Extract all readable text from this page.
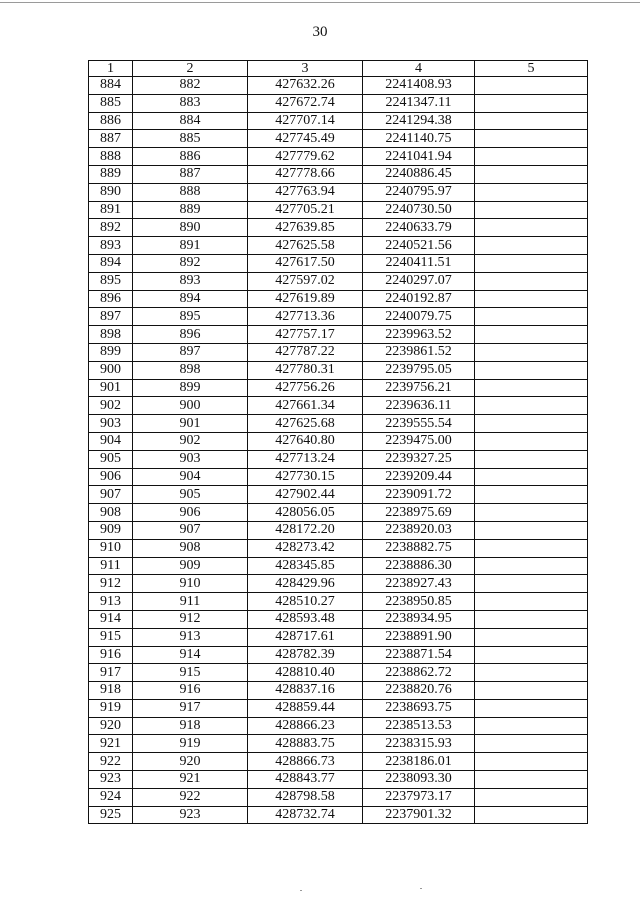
30
1	2	3	4	5
884	882	427632.26	2241408.93	
885	883	427672.74	2241347.11	
886	884	427707.14	2241294.38	
887	885	427745.49	2241140.75	
888	886	427779.62	2241041.94	
889	887	427778.66	2240886.45	
890	888	427763.94	2240795.97	
891	889	427705.21	2240730.50	
892	890	427639.85	2240633.79	
893	891	427625.58	2240521.56	
894	892	427617.50	2240411.51	
895	893	427597.02	2240297.07	
896	894	427619.89	2240192.87	
897	895	427713.36	2240079.75	
898	896	427757.17	2239963.52	
899	897	427787.22	2239861.52	
900	898	427780.31	2239795.05	
901	899	427756.26	2239756.21	
902	900	427661.34	2239636.11	
903	901	427625.68	2239555.54	
904	902	427640.80	2239475.00	
905	903	427713.24	2239327.25	
906	904	427730.15	2239209.44	
907	905	427902.44	2239091.72	
908	906	428056.05	2238975.69	
909	907	428172.20	2238920.03	
910	908	428273.42	2238882.75	
911	909	428345.85	2238886.30	
912	910	428429.96	2238927.43	
913	911	428510.27	2238950.85	
914	912	428593.48	2238934.95	
915	913	428717.61	2238891.90	
916	914	428782.39	2238871.54	
917	915	428810.40	2238862.72	
918	916	428837.16	2238820.76	
919	917	428859.44	2238693.75	
920	918	428866.23	2238513.53	
921	919	428883.75	2238315.93	
922	920	428866.73	2238186.01	
923	921	428843.77	2238093.30	
924	922	428798.58	2237973.17	
925	923	428732.74	2237901.32	
